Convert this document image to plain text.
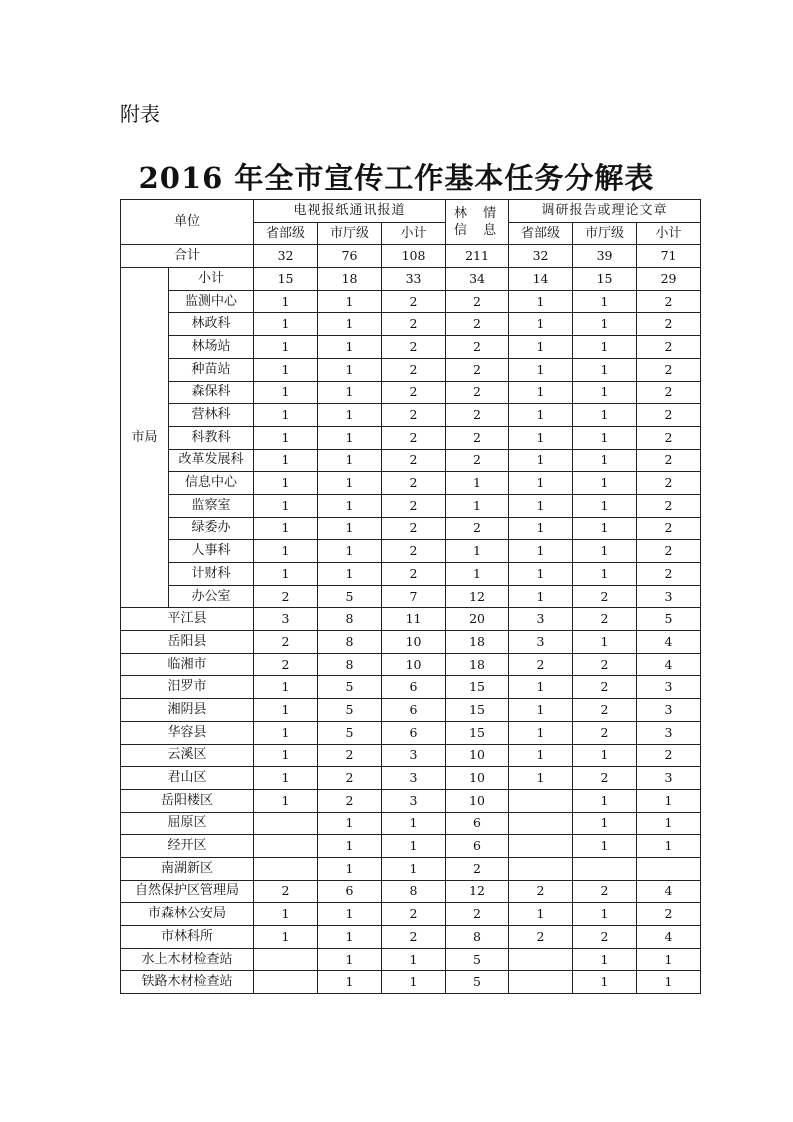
附表
2016 年全市宣传工作基本任务分解表
单位		电视报纸通讯报道			林 情 信 息	调研报告或理论文章		
		省部级	市厅级	小计		省部级	市厅级	小计
合计		32	76	108	211	32	39	71
市局	小计	15	18	33	34	14	15	29
	监测中心	1	1	2	2	1	1	2
	林政科	1	1	2	2	1	1	2
	林场站	1	1	2	2	1	1	2
	种苗站	1	1	2	2	1	1	2
	森保科	1	1	2	2	1	1	2
	营林科	1	1	2	2	1	1	2
	科教科	1	1	2	2	1	1	2
	改革发展科	1	1	2	2	1	1	2
	信息中心	1	1	2	1	1	1	2
	监察室	1	1	2	1	1	1	2
	绿委办	1	1	2	2	1	1	2
	人事科	1	1	2	1	1	1	2
	计财科	1	1	2	1	1	1	2
	办公室	2	5	7	12	1	2	3
平江县		3	8	11	20	3	2	5
岳阳县		2	8	10	18	3	1	4
临湘市		2	8	10	18	2	2	4
汨罗市		1	5	6	15	1	2	3
湘阴县		1	5	6	15	1	2	3
华容县		1	5	6	15	1	2	3
云溪区		1	2	3	10	1	1	2
君山区		1	2	3	10	1	2	3
岳阳楼区		1	2	3	10		1	1
屈原区			1	1	6		1	1
经开区			1	1	6		1	1
南湖新区			1	1	2			
自然保护区管理局		2	6	8	12	2	2	4
市森林公安局		1	1	2	2	1	1	2
市林科所		1	1	2	8	2	2	4
水上木材检查站			1	1	5		1	1
铁路木材检查站			1	1	5		1	1
